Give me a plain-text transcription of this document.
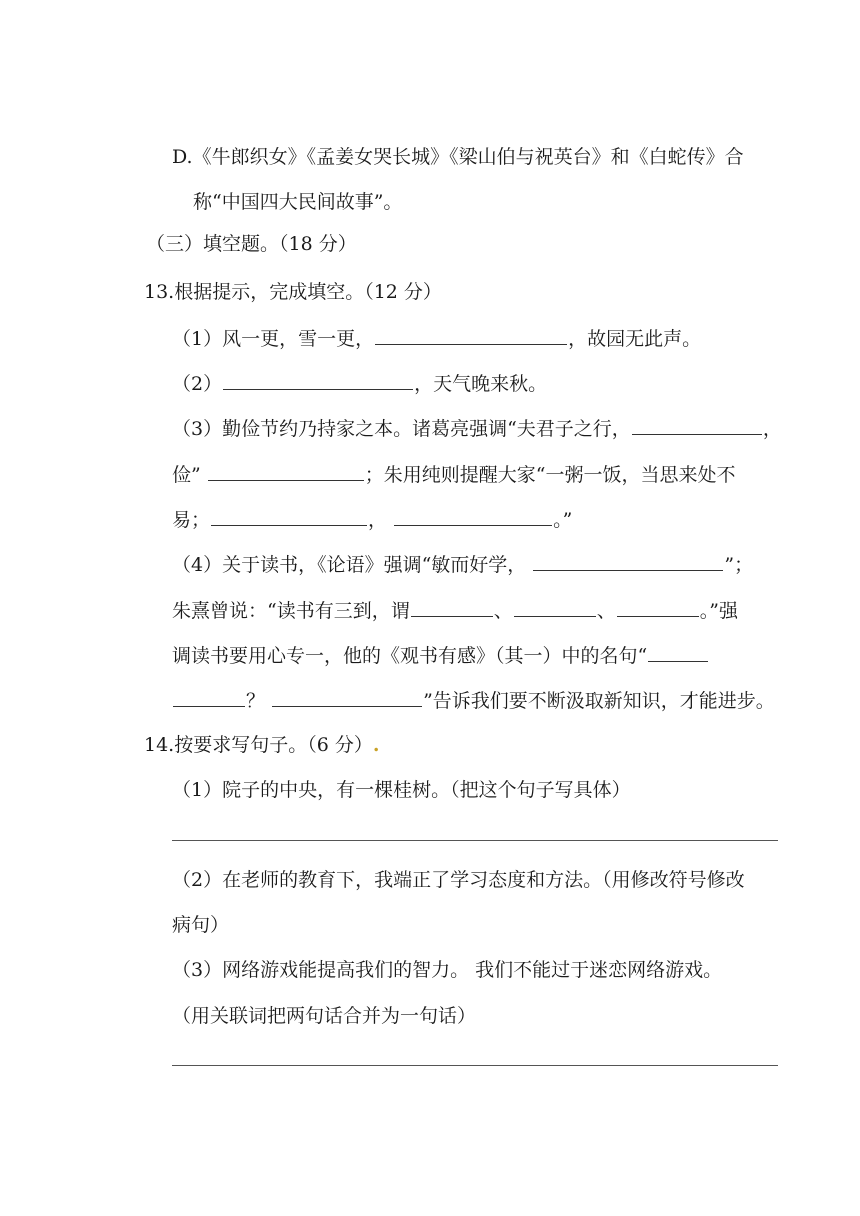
D.《牛郎织女》《孟姜女哭长城》《梁山伯与祝英台》和《白蛇传》合
称“中国四大民间故事”。
（三）填空题。（18 分）
13.根据提示，完成填空。（12 分）
（1）风一更，雪一更，	，故园无此声。
（2）	，天气晚来秋。
（3）勤俭节约乃持家之本。诸葛亮强调“夫君子之行，	，
俭”	；朱用纯则提醒大家“一粥一饭，当思来处不
易；	，	。”
（4）关于读书，《论语》强调“敏而好学，	”；
朱熹曾说：“读书有三到，谓	、	、	。”强
调读书要用心专一，他的《观书有感》（其一）中的名句“
？	”告诉我们要不断汲取新知识，才能进步。
14.按要求写句子。（6 分）.
（1）院子的中央，有一棵桂树。（把这个句子写具体）
（2）在老师的教育下，我端正了学习态度和方法。（用修改符号修改
病句）
（3）网络游戏能提高我们的智力。 我们不能过于迷恋网络游戏。
（用关联词把两句话合并为一句话）
